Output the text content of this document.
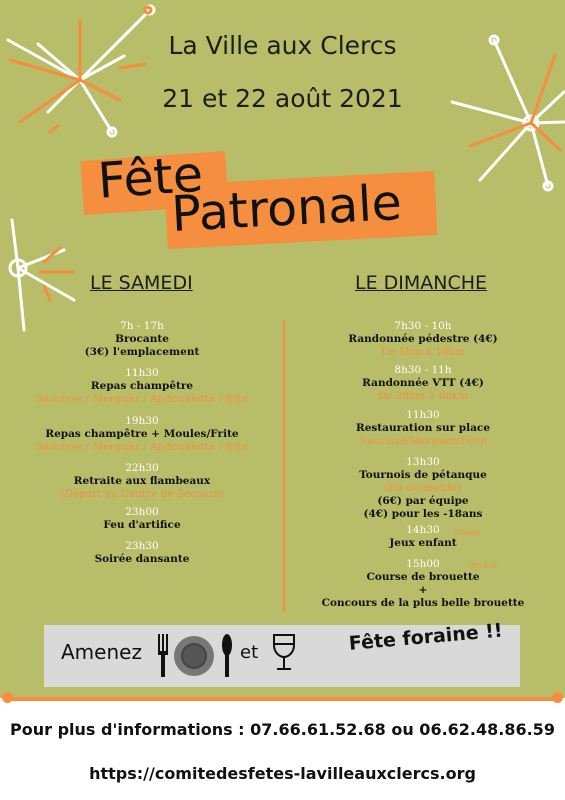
La Ville aux Clercs
21 et 22 août 2021
Fête
Patronale
LE SAMEDI	LE DIMANCHE
7h - 17h
Brocante
(3€) l'emplacement
11h30
Repas champêtre
Saucisse / Merguez / Andouillette / frite
19h30
Repas champêtre + Moules/Frite
Saucisse / Merguez / Andouillette / frite
22h30
Retraite aux flambeaux
(Départ au Centre de Secours)
23h00
Feu d'artifice
23h30
Soirée dansante
7h30 - 10h
Randonnée pédestre (4€)
De 5km à 10km
8h30 - 11h
Randonnée VTT (4€)
De 28km à 68km
11h30
Restauration sur place
Saucisse/Merguez/Frite
13h30
Tournois de pétanque
(En doublette)
(6€) par équipe
(4€) pour les -18ans
14h30
Jeux enfant
(Gratuit)
15h00
Course de brouette
+
Concours de la plus belle brouette
(En duo)
Amenez	et	Fête foraine !!
Pour plus d'informations : 07.66.61.52.68 ou 06.62.48.86.59
https://comitedesfetes-lavilleauxclercs.org
